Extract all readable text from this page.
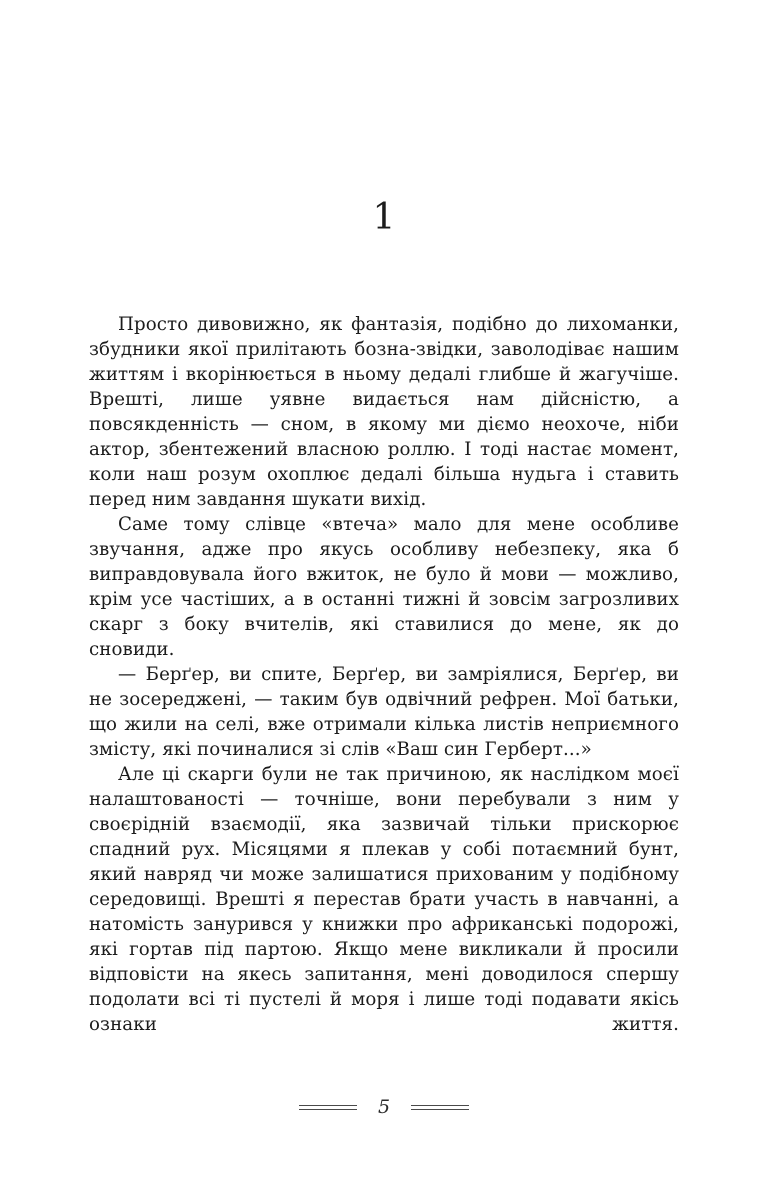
1

Просто дивовижно, як фантазія, подібно до лихоманки, збудники якої прилітають бозна-звідки, заволодіває нашим життям і вкорінюється в ньому дедалі глибше й жагучіше. Врешті, лише уявне видається нам дійсністю, а повсякденність — сном, в якому ми діємо неохоче, ніби актор, збентежений власною роллю. І тоді настає момент, коли наш розум охоплює дедалі більша нудьга і ставить перед ним завдання шукати вихід.

Саме тому слівце «втеча» мало для мене особливе звучання, адже про якусь особливу небезпеку, яка б виправдовувала його вжиток, не було й мови — можливо, крім усе частіших, а в останні тижні й зовсім загрозливих скарг з боку вчителів, які ставилися до мене, як до сновиди.

— Берґер, ви спите, Берґер, ви замріялися, Берґер, ви не зосереджені, — таким був одвічний рефрен. Мої батьки, що жили на селі, вже отримали кілька листів неприємного змісту, які починалися зі слів «Ваш син Герберт...»

Але ці скарги були не так причиною, як наслідком моєї налаштованості — точніше, вони перебували з ним у своєрідній взаємодії, яка зазвичай тільки прискорює спадний рух. Місяцями я плекав у собі потаємний бунт, який навряд чи може залишатися прихованим у подібному середовищі. Врешті я перестав брати участь в навчанні, а натомість занурився у книжки про африканські подорожі, які гортав під партою. Якщо мене викликали й просили відповісти на якесь запитання, мені доводилося спершу подолати всі ті пустелі й моря і лише тоді подавати якісь ознаки життя.

5
